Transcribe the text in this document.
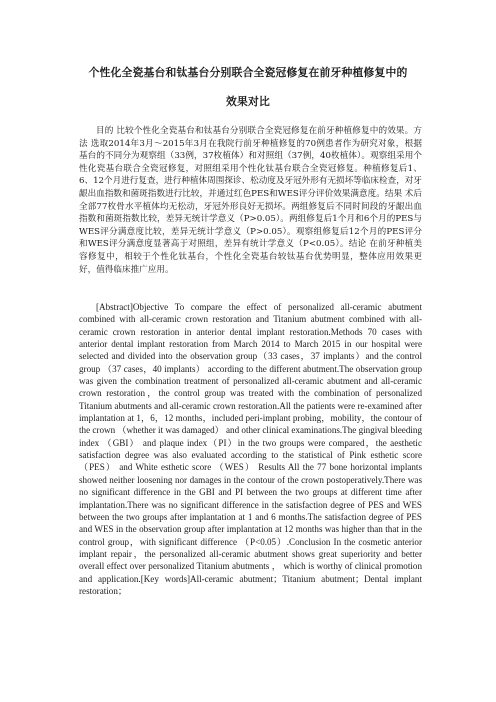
个性化全瓷基台和钛基台分别联合全瓷冠修复在前牙种植修复中的
效果对比

目的 比较个性化全瓷基台和钛基台分别联合全瓷冠修复在前牙种植修复中的效果。方法 选取2014年3月～2015年3月在我院行前牙种植修复的70例患者作为研究对象，根据基台的不同分为观察组（33例，37枚植体）和对照组（37例，40枚植体）。观察组采用个性化瓷基台联合全瓷冠修复，对照组采用个性化钛基台联合全瓷冠修复。种植修复后1、6、12个月进行复查，进行种植体周围探诊、松动度及牙冠外形有无损坏等临床检查，对牙龈出血指数和菌斑指数进行比较，并通过红色PES和WES评分评价效果满意度。结果 术后全部77枚骨水平植体均无松动，牙冠外形良好无损坏。两组修复后不同时间段的牙龈出血指数和菌斑指数比较，差异无统计学意义（P>0.05）。两组修复后1个月和6个月的PES与WES评分满意度比较，差异无统计学意义（P>0.05）。观察组修复后12个月的PES评分和WES评分满意度显著高于对照组，差异有统计学意义（P<0.05）。结论 在前牙种植美容修复中，相较于个性化钛基台，个性化全瓷基台较钛基台优势明显，整体应用效果更好，值得临床推广应用。

[Abstract]Objective To compare the effect of personalized all-ceramic abutment combined with all-ceramic crown restoration and Titanium abutment combined with all-ceramic crown restoration in anterior dental implant restoration.Methods 70 cases with anterior dental implant restoration from March 2014 to March 2015 in our hospital were selected and divided into the observation group（33 cases，37 implants）and the control group （37 cases，40 implants） according to the different abutment.The observation group was given the combination treatment of personalized all-ceramic abutment and all-ceramic crown restoration，the control group was treated with the combination of personalized Titanium abutments and all-ceramic crown restoration.All the patients were re-examined after implantation at 1，6，12 months，included peri-implant probing，mobility，the contour of the crown （whether it was damaged） and other clinical examinations.The gingival bleeding index （GBI） and plaque index（PI）in the two groups were compared，the aesthetic satisfaction degree was also evaluated according to the statistical of Pink esthetic score （PES） and White esthetic score （WES） Results All the 77 bone horizontal implants showed neither loosening nor damages in the contour of the crown postoperatively.There was no significant difference in the GBI and PI between the two groups at different time after implantation.There was no significant difference in the satisfaction degree of PES and WES between the two groups after implantation at 1 and 6 months.The satisfaction degree of PES and WES in the observation group after implantation at 12 months was higher than that in the control group，with significant difference （P<0.05）.Conclusion In the cosmetic anterior implant repair，the personalized all-ceramic abutment shows great superiority and better overall effect over personalized Titanium abutments ， which is worthy of clinical promotion and application.[Key words]All-ceramic abutment；Titanium abutment；Dental implant restoration；
